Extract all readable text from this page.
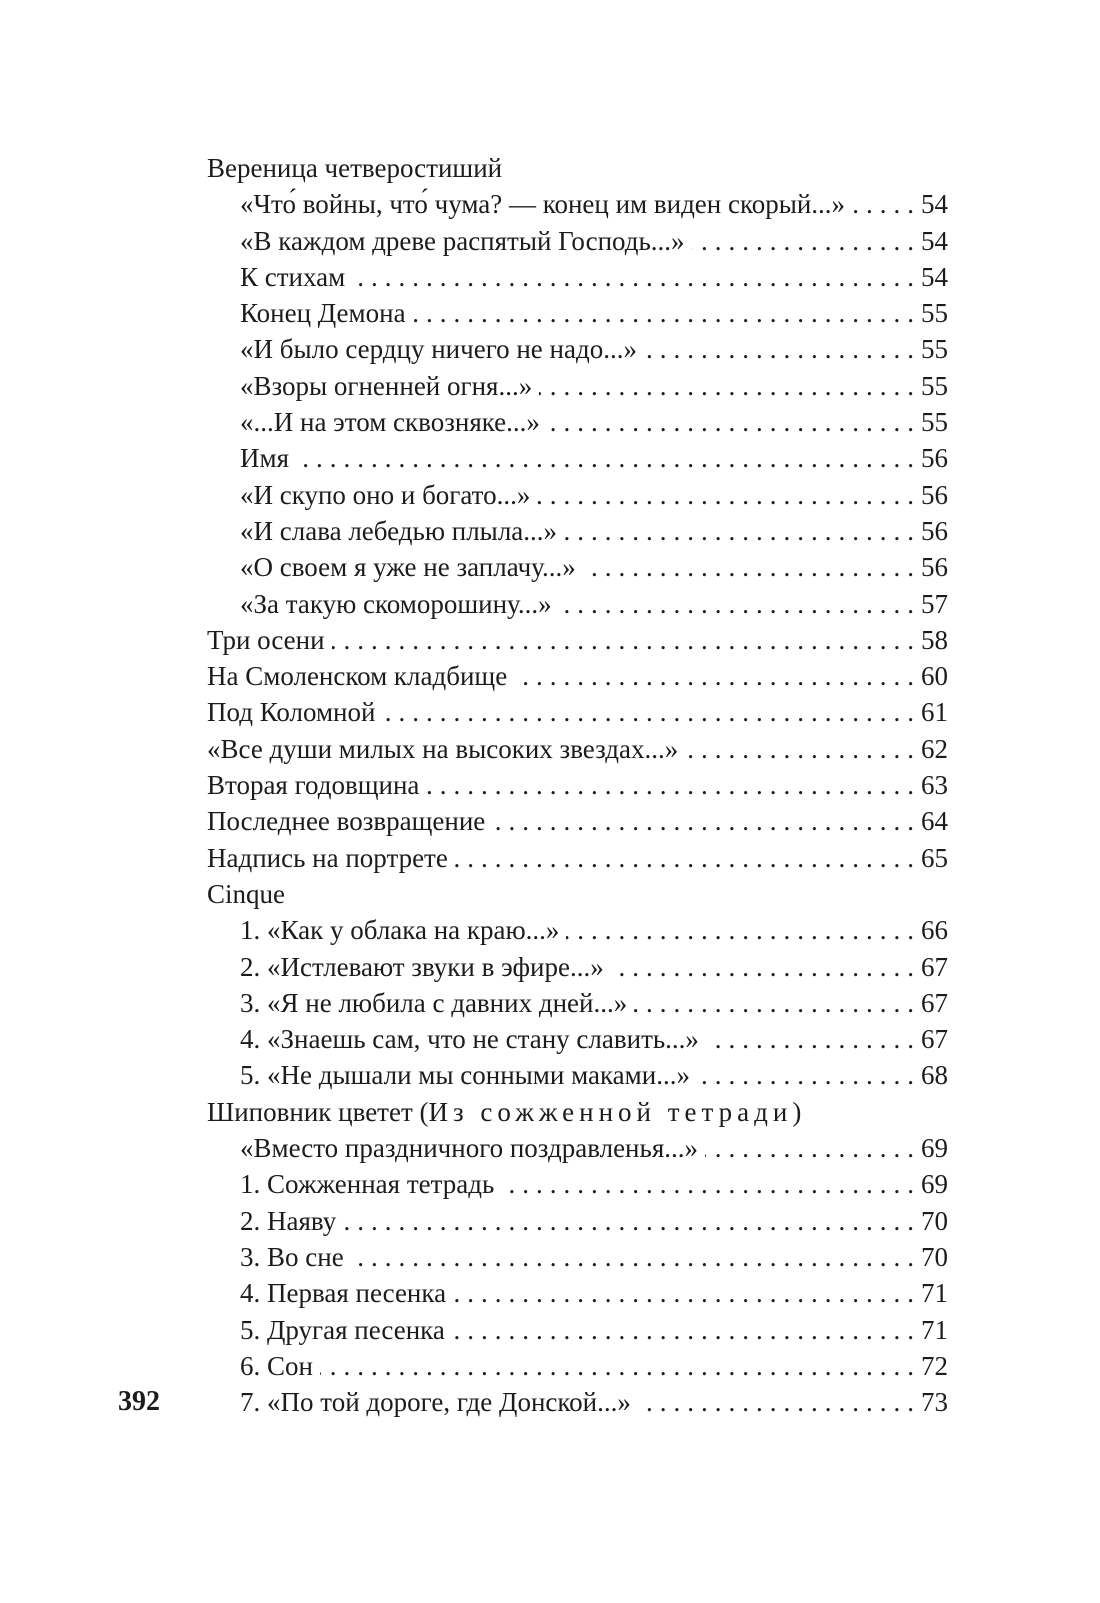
Вереница четверостиший
«Что́ войны, что́ чума? — конец им виден скорый...» .....	54
«В каждом древе распятый Господь...» .....	54
К стихам .....	54
Конец Демона .....	55
«И было сердцу ничего не надо...» .....	55
«Взоры огненней огня...» .....	55
«...И на этом сквозняке...» .....	55
Имя .....	56
«И скупо оно и богато...» .....	56
«И слава лебедью плыла...» .....	56
«О своем я уже не заплачу...» .....	56
«За такую скоморошину...» .....	57
Три осени .....	58
На Смоленском кладбище .....	60
Под Коломной .....	61
«Все души милых на высоких звездах...» .....	62
Вторая годовщина .....	63
Последнее возвращение .....	64
Надпись на портрете .....	65
Cinque
1. «Как у облака на краю...» .....	66
2. «Истлевают звуки в эфире...» .....	67
3. «Я не любила с давних дней...» .....	67
4. «Знаешь сам, что не стану славить...» .....	67
5. «Не дышали мы сонными маками...» .....	68
Шиповник цветет (Из сожженной тетради)
«Вместо праздничного поздравленья...» .....	69
1. Сожженная тетрадь .....	69
2. Наяву .....	70
3. Во сне .....	70
4. Первая песенка .....	71
5. Другая песенка .....	71
6. Сон .....	72
7. «По той дороге, где Донской...» .....	73
392
